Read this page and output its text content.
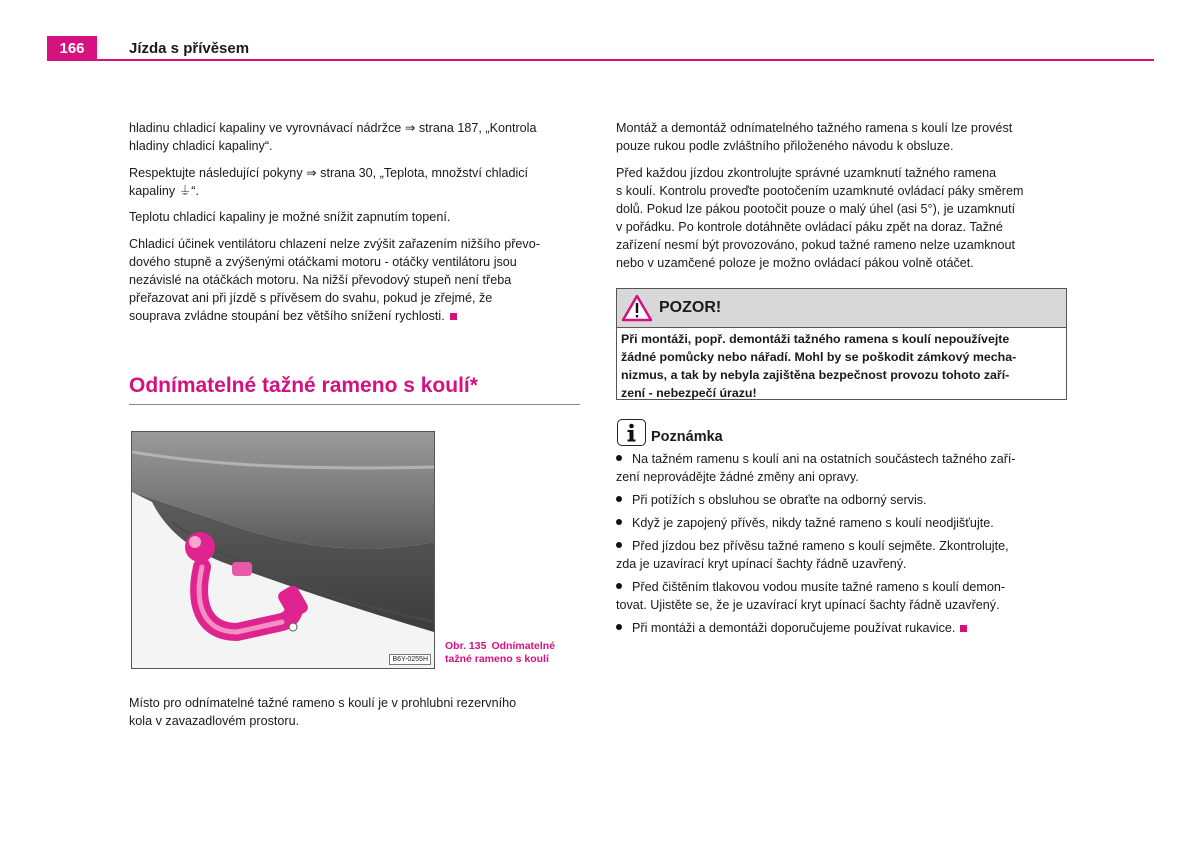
166	Jízda s přívěsem

hladinu chladicí kapaliny ve vyrovnávací nádržce ⇒ strana 187, „Kontrola
hladiny chladicí kapaliny“.

Respektujte následující pokyny ⇒ strana 30, „Teplota, množství chladicí
kapaliny ⏚“.

Teplotu chladicí kapaliny je možné snížit zapnutím topení.

Chladicí účinek ventilátoru chlazení nelze zvýšit zařazením nižšího převo-
dového stupně a zvýšenými otáčkami motoru - otáčky ventilátoru jsou
nezávislé na otáčkách motoru. Na nižší převodový stupeň není třeba
přeřazovat ani při jízdě s přívěsem do svahu, pokud je zřejmé, že
souprava zvládne stoupání bez většího snížení rychlosti.

Odnímatelné tažné rameno s koulí*
B6Y-0255H
Obr. 135 Odnímatelné
tažné rameno s koulí

Místo pro odnímatelné tažné rameno s koulí je v prohlubni rezervního
kola v zavazadlovém prostoru.

Montáž a demontáž odnímatelného tažného ramena s koulí lze provést
pouze rukou podle zvláštního přiloženého návodu k obsluze.

Před každou jízdou zkontrolujte správné uzamknutí tažného ramena
s koulí. Kontrolu proveďte pootočením uzamknuté ovládací páky směrem
dolů. Pokud lze pákou pootočit pouze o malý úhel (asi 5°), je uzamknutí
v pořádku. Po kontrole dotáhněte ovládací páku zpět na doraz. Tažné
zařízení nesmí být provozováno, pokud tažné rameno nelze uzamknout
nebo v uzamčené poloze je možno ovládací pákou volně otáčet.

POZOR!
Při montáži, popř. demontáži tažného ramena s koulí nepoužívejte
žádné pomůcky nebo nářadí. Mohl by se poškodit zámkový mecha-
nizmus, a tak by nebyla zajištěna bezpečnost provozu tohoto zaří-
zení - nebezpečí úrazu!
Poznámka
Na tažném ramenu s koulí ani na ostatních součástech tažného zaří-
zení neprovádějte žádné změny ani opravy.
Při potížích s obsluhou se obraťte na odborný servis.
Když je zapojený přívěs, nikdy tažné rameno s koulí neodjišťujte.
Před jízdou bez přívěsu tažné rameno s koulí sejměte. Zkontrolujte,
zda je uzavírací kryt upínací šachty řádně uzavřený.
Před čištěním tlakovou vodou musíte tažné rameno s koulí demon-
tovat. Ujistěte se, že je uzavírací kryt upínací šachty řádně uzavřený.
Při montáži a demontáži doporučujeme používat rukavice.
